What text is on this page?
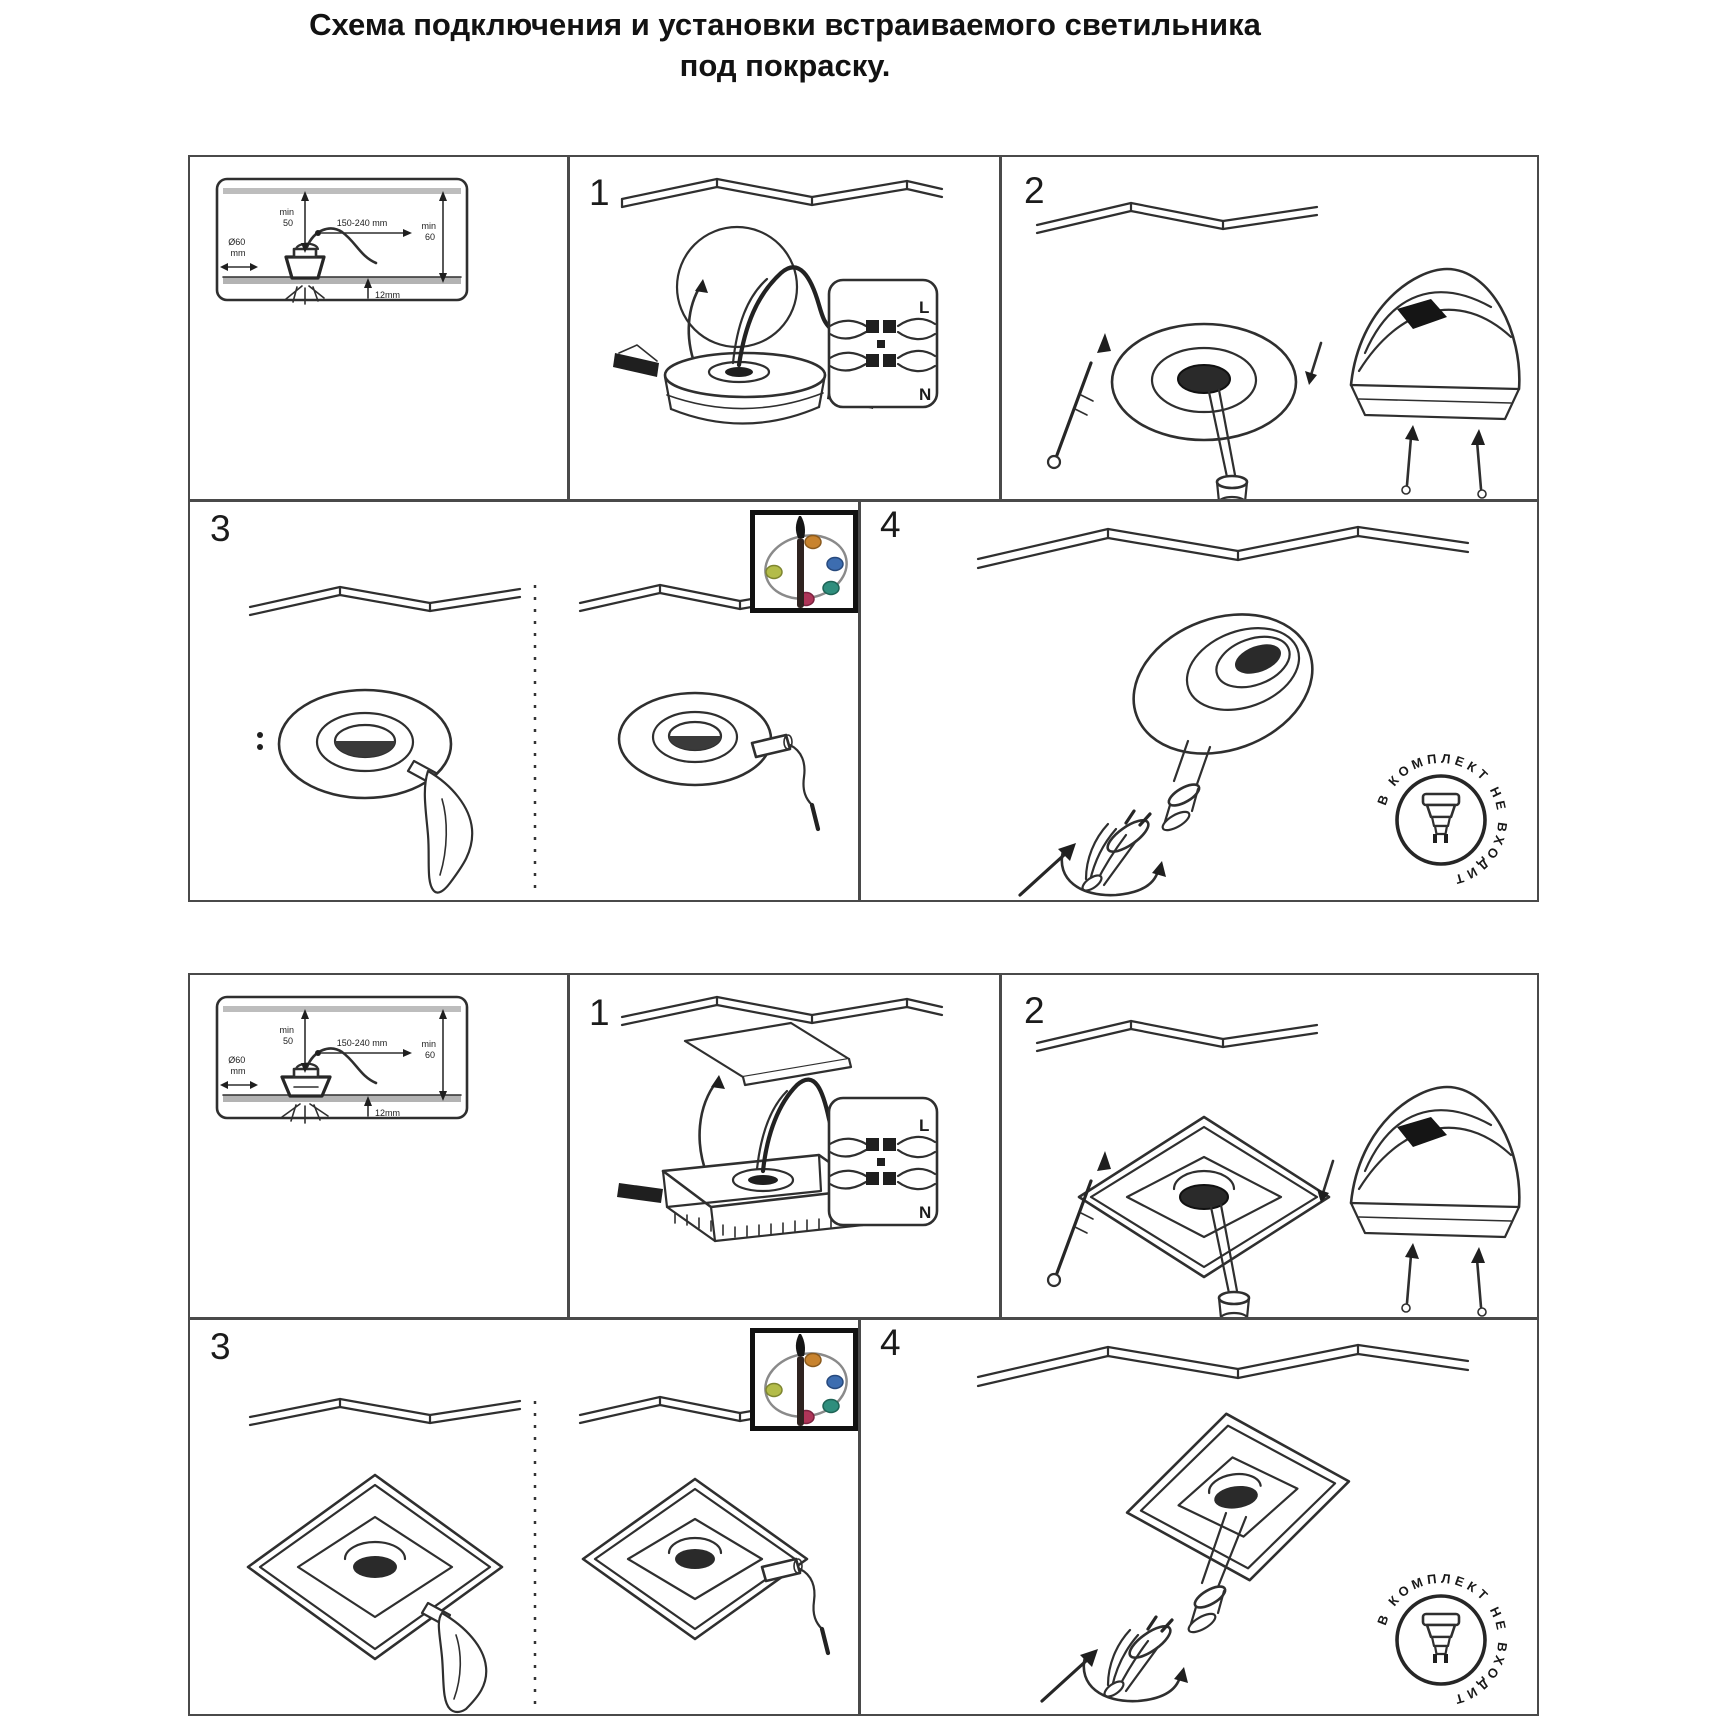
Схема подключения и установки встраиваемого светильника
под покраску.
1	2
3	4
150-240 mm	min 60
min 50
Ø60 mm
12mm
L
N
В КОМПЛЕКТ НЕ ВХОДИТ
1	2
3	4
150-240 mm	min 60
min 50
Ø60 mm
12mm
L
N
В КОМПЛЕКТ НЕ ВХОДИТ
